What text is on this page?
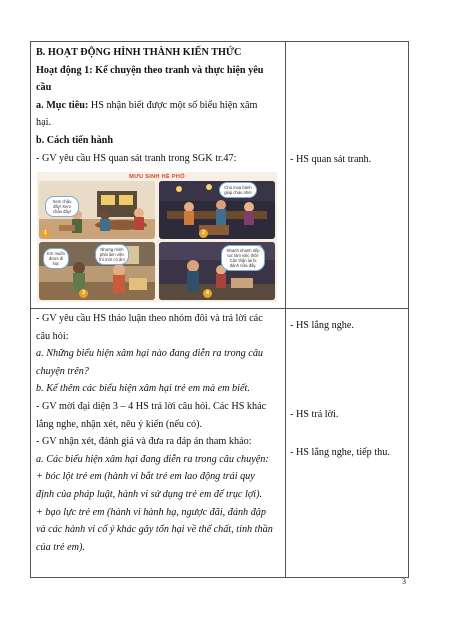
B. HOẠT ĐỘNG HÌNH THÀNH KIẾN THỨC

Hoạt động 1: Kể chuyện theo tranh và thực hiện yêu

cầu

a. Mục tiêu: HS nhận biết được một số biểu hiện xâm

hại.

b. Cách tiến hành

- GV yêu cầu HS quan sát tranh trong SGK tr.47:

MƯU SINH HÈ PHỐ
Xem chậu đây! Xem chậu đây!
1
Chú mua bánh giúp cháu nhé!
2
Em muốn được đi học
Nhưng mình phải làm việc thì mới có ăn!
3
Nhanh nhanh tiếp tục làm việc thôi! Cẩn thận lại bị đánh nữa đấy.
4

- GV yêu cầu HS thảo luận theo nhóm đôi và trả lời các

câu hỏi:

a. Những biểu hiện xâm hại nào đang diễn ra trong câu

chuyện trên?

b. Kể thêm các biểu hiện xâm hại trẻ em mà em biết.

- GV mời đại diện 3 – 4 HS trả lời câu hỏi. Các HS khác

lắng nghe, nhận xét, nêu ý kiến (nếu có).

- GV nhận xét, đánh giá và đưa ra đáp án tham khảo:

a. Các biểu hiện xâm hại đang diễn ra trong câu chuyện:

+ bóc lột trẻ em (hành vi bắt trẻ em lao động trái quy

định của pháp luật, hành vi sử dụng trẻ em để trục lợi).

+ bạo lực trẻ em (hành vi hành hạ, ngược đãi, đánh đập

và các hành vi cố ý khác gây tổn hại về thể chất, tinh thần

của trẻ em).

- HS quan sát tranh.
- HS lắng nghe.
- HS trả lời.
- HS lắng nghe, tiếp thu.
3
